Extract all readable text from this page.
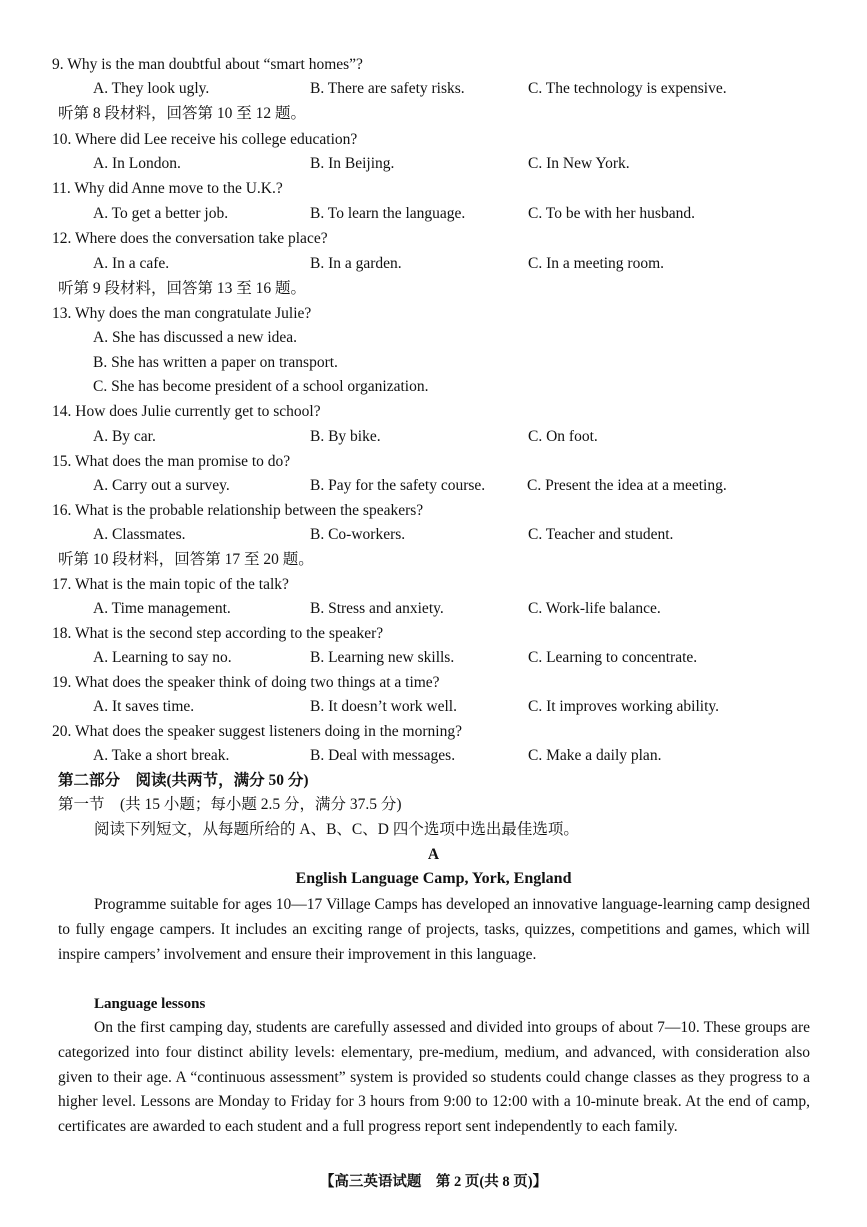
9. Why is the man doubtful about “smart homes”?
A. They look ugly.	B. There are safety risks.	C. The technology is expensive.
听第 8 段材料，回答第 10 至 12 题。
10. Where did Lee receive his college education?
A. In London.	B. In Beijing.	C. In New York.
11. Why did Anne move to the U.K.?
A. To get a better job.	B. To learn the language.	C. To be with her husband.
12. Where does the conversation take place?
A. In a cafe.	B. In a garden.	C. In a meeting room.
听第 9 段材料，回答第 13 至 16 题。
13. Why does the man congratulate Julie?
A. She has discussed a new idea.
B. She has written a paper on transport.
C. She has become president of a school organization.
14. How does Julie currently get to school?
A. By car.	B. By bike.	C. On foot.
15. What does the man promise to do?
A. Carry out a survey.	B. Pay for the safety course.	C. Present the idea at a meeting.
16. What is the probable relationship between the speakers?
A. Classmates.	B. Co-workers.	C. Teacher and student.
听第 10 段材料，回答第 17 至 20 题。
17. What is the main topic of the talk?
A. Time management.	B. Stress and anxiety.	C. Work-life balance.
18. What is the second step according to the speaker?
A. Learning to say no.	B. Learning new skills.	C. Learning to concentrate.
19. What does the speaker think of doing two things at a time?
A. It saves time.	B. It doesn’t work well.	C. It improves working ability.
20. What does the speaker suggest listeners doing in the morning?
A. Take a short break.	B. Deal with messages.	C. Make a daily plan.
第二部分　阅读(共两节，满分 50 分)
第一节　(共 15 小题；每小题 2.5 分，满分 37.5 分)
阅读下列短文，从每题所给的 A、B、C、D 四个选项中选出最佳选项。
A
English Language Camp, York, England

Programme suitable for ages 10—17 Village Camps has developed an innovative language-learning camp designed to fully engage campers. It includes an exciting range of projects, tasks, quizzes, competitions and games, which will inspire campers’ involvement and ensure their improvement in this language.

Language lessons

On the first camping day, students are carefully assessed and divided into groups of about 7—10. These groups are categorized into four distinct ability levels: elementary, pre-medium, medium, and advanced, with consideration also given to their age. A “continuous assessment” system is provided so students could change classes as they progress to a higher level. Lessons are Monday to Friday for 3 hours from 9:00 to 12:00 with a 10-minute break. At the end of camp, certificates are awarded to each student and a full progress report sent independently to each family.

【高三英语试题　第 2 页(共 8 页)】
